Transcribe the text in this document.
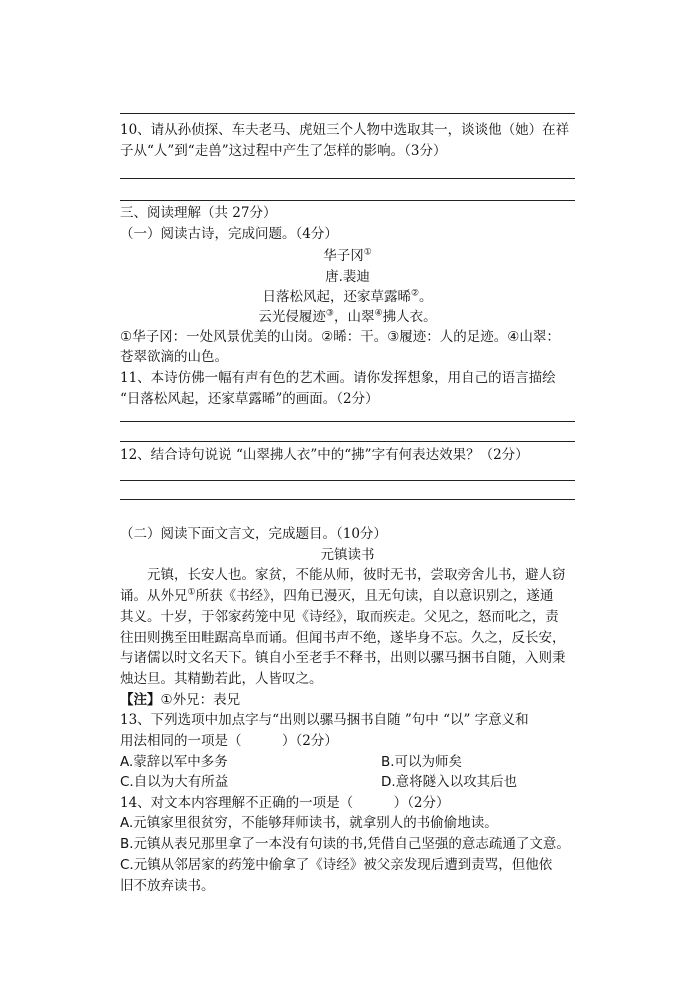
10、请从孙侦探、车夫老马、虎妞三个人物中选取其一，谈谈他（她）在祥
子从“人”到“走兽”这过程中产生了怎样的影响。（3分）
三、阅读理解（共 27分）
（一）阅读古诗，完成问题。（4分）
华子冈①
唐.裴迪
日落松风起，还家草露晞②。
云光侵履迹③，山翠④拂人衣。
①华子冈：一处风景优美的山岗。②晞：干。③履迹：人的足迹。④山翠：
苍翠欲滴的山色。
11、本诗仿佛一幅有声有色的艺术画。请你发挥想象，用自己的语言描绘
“日落松风起，还家草露晞”的画面。（2分）
12、结合诗句说说 “山翠拂人衣”中的“拂”字有何表达效果？（2分）
（二）阅读下面文言文，完成题目。（10分）
元镇读书
元镇，长安人也。家贫，不能从师，彼时无书，尝取旁舍儿书，避人窃
诵。从外兄①所获《书经》，四角已漫灭，且无句读，自以意识别之，遂通
其义。十岁，于邻家药笼中见《诗经》，取而疾走。父见之，怒而叱之，责
往田则携至田畦踞高阜而诵。但闻书声不绝，遂毕身不忘。久之，反长安，
与诸儒以时文名天下。镇自小至老手不释书，出则以骡马捆书自随，入则秉
烛达旦。其精勤若此，人皆叹之。
【注】①外兄：表兄
13、下列选项中加点字与“出则以骡马捆书自随 ”句中 “以” 字意义和
用法相同的一项是（　　　）（2分）
A.蒙辞以军中多务	B.可以为师矣
C.自以为大有所益	D.意将隧入以攻其后也
14、对文本内容理解不正确的一项是（　　　）（2分）
A.元镇家里很贫穷，不能够拜师读书，就拿别人的书偷偷地读。
B.元镇从表兄那里拿了一本没有句读的书,凭借自己坚强的意志疏通了文意。
C.元镇从邻居家的药笼中偷拿了《诗经》被父亲发现后遭到责骂，但他依
旧不放弃读书。
